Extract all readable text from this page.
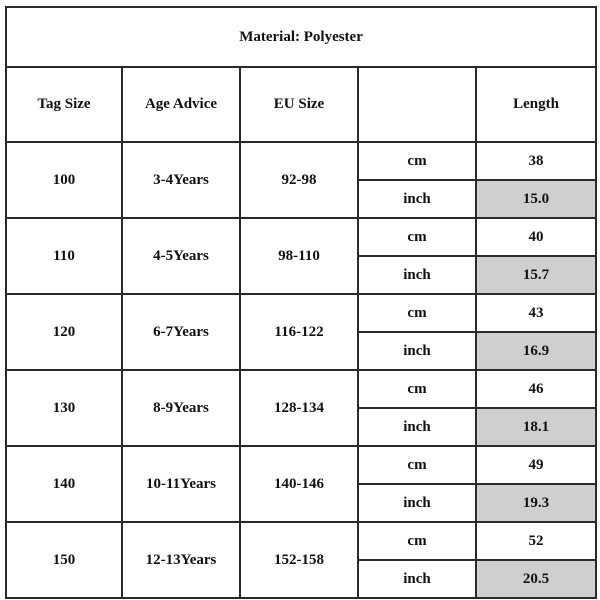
Material: Polyester				
Tag Size	Age Advice	EU Size		Length
100	3-4Years	92-98	cm	38
			inch	15.0
110	4-5Years	98-110	cm	40
			inch	15.7
120	6-7Years	116-122	cm	43
			inch	16.9
130	8-9Years	128-134	cm	46
			inch	18.1
140	10-11Years	140-146	cm	49
			inch	19.3
150	12-13Years	152-158	cm	52
			inch	20.5
